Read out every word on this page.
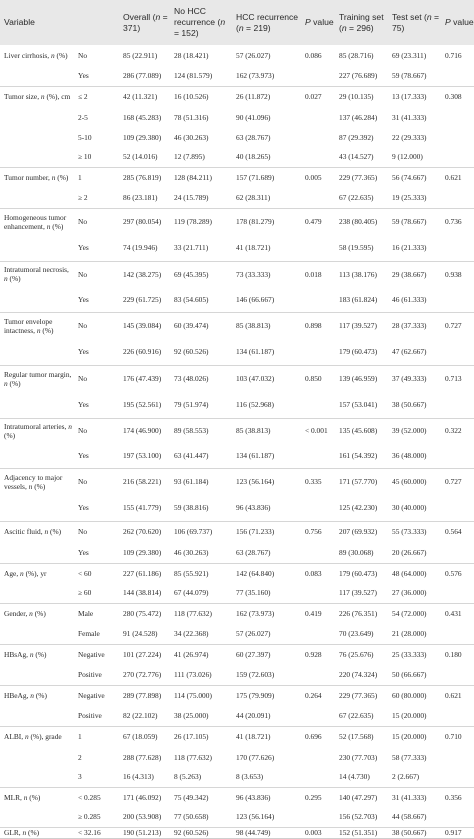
Variable		Overall (n = 371)	No HCC recurrence (n = 152)	HCC recurrence (n = 219)	P value	Training set (n = 296)	Test set (n = 75)	P value
Liver cirrhosis, n (%)	No	85 (22.911)	28 (18.421)	57 (26.027)	0.086	85 (28.716)	69 (23.311)	0.716
	Yes	286 (77.089)	124 (81.579)	162 (73.973)		227 (76.689)	59 (78.667)	
Tumor size, n (%), cm	≤ 2	42 (11.321)	16 (10.526)	26 (11.872)	0.027	29 (10.135)	13 (17.333)	0.308
	2-5	168 (45.283)	78 (51.316)	90 (41.096)		137 (46.284)	31 (41.333)	
	5-10	109 (29.380)	46 (30.263)	63 (28.767)		87 (29.392)	22 (29.333)	
	≥ 10	52 (14.016)	12 (7.895)	40 (18.265)		43 (14.527)	9 (12.000)	
Tumor number, n (%)	1	285 (76.819)	128 (84.211)	157 (71.689)	0.005	229 (77.365)	56 (74.667)	0.621
	≥ 2	86 (23.181)	24 (15.789)	62 (28.311)		67 (22.635)	19 (25.333)	
Homogeneous tumor enhancement, n (%)	No	297 (80.054)	119 (78.289)	178 (81.279)	0.479	238 (80.405)	59 (78.667)	0.736
	Yes	74 (19.946)	33 (21.711)	41 (18.721)		58 (19.595)	16 (21.333)	
Intratumoral necrosis, n (%)	No	142 (38.275)	69 (45.395)	73 (33.333)	0.018	113 (38.176)	29 (38.667)	0.938
	Yes	229 (61.725)	83 (54.605)	146 (66.667)		183 (61.824)	46 (61.333)	
Tumor envelope intactness, n (%)	No	145 (39.084)	60 (39.474)	85 (38.813)	0.898	117 (39.527)	28 (37.333)	0.727
	Yes	226 (60.916)	92 (60.526)	134 (61.187)		179 (60.473)	47 (62.667)	
Regular tumor margin, n (%)	No	176 (47.439)	73 (48.026)	103 (47.032)	0.850	139 (46.959)	37 (49.333)	0.713
	Yes	195 (52.561)	79 (51.974)	116 (52.968)		157 (53.041)	38 (50.667)	
Intratumoral arteries, n (%)	No	174 (46.900)	89 (58.553)	85 (38.813)	< 0.001	135 (45.608)	39 (52.000)	0.322
	Yes	197 (53.100)	63 (41.447)	134 (61.187)		161 (54.392)	36 (48.000)	
Adjacency to major vessels, n (%)	No	216 (58.221)	93 (61.184)	123 (56.164)	0.335	171 (57.770)	45 (60.000)	0.727
	Yes	155 (41.779)	59 (38.816)	96 (43.836)		125 (42.230)	30 (40.000)	
Ascitic fluid, n (%)	No	262 (70.620)	106 (69.737)	156 (71.233)	0.756	207 (69.932)	55 (73.333)	0.564
	Yes	109 (29.380)	46 (30.263)	63 (28.767)		89 (30.068)	20 (26.667)	
Age, n (%), yr	< 60	227 (61.186)	85 (55.921)	142 (64.840)	0.083	179 (60.473)	48 (64.000)	0.576
	≥ 60	144 (38.814)	67 (44.079)	77 (35.160)		117 (39.527)	27 (36.000)	
Gender, n (%)	Male	280 (75.472)	118 (77.632)	162 (73.973)	0.419	226 (76.351)	54 (72.000)	0.431
	Female	91 (24.528)	34 (22.368)	57 (26.027)		70 (23.649)	21 (28.000)	
HBsAg, n (%)	Negative	101 (27.224)	41 (26.974)	60 (27.397)	0.928	76 (25.676)	25 (33.333)	0.180
	Positive	270 (72.776)	111 (73.026)	159 (72.603)		220 (74.324)	50 (66.667)	
HBeAg, n (%)	Negative	289 (77.898)	114 (75.000)	175 (79.909)	0.264	229 (77.365)	60 (80.000)	0.621
	Positive	82 (22.102)	38 (25.000)	44 (20.091)		67 (22.635)	15 (20.000)	
ALBI, n (%), grade	1	67 (18.059)	26 (17.105)	41 (18.721)	0.696	52 (17.568)	15 (20.000)	0.710
	2	288 (77.628)	118 (77.632)	170 (77.626)		230 (77.703)	58 (77.333)	
	3	16 (4.313)	8 (5.263)	8 (3.653)		14 (4.730)	2 (2.667)	
MLR, n (%)	< 0.285	171 (46.092)	75 (49.342)	96 (43.836)	0.295	140 (47.297)	31 (41.333)	0.356
	≥ 0.285	200 (53.908)	77 (50.658)	123 (56.164)		156 (52.703)	44 (58.667)	
GLR, n (%)	< 32.16	190 (51.213)	92 (60.526)	98 (44.749)	0.003	152 (51.351)	38 (50.667)	0.917
